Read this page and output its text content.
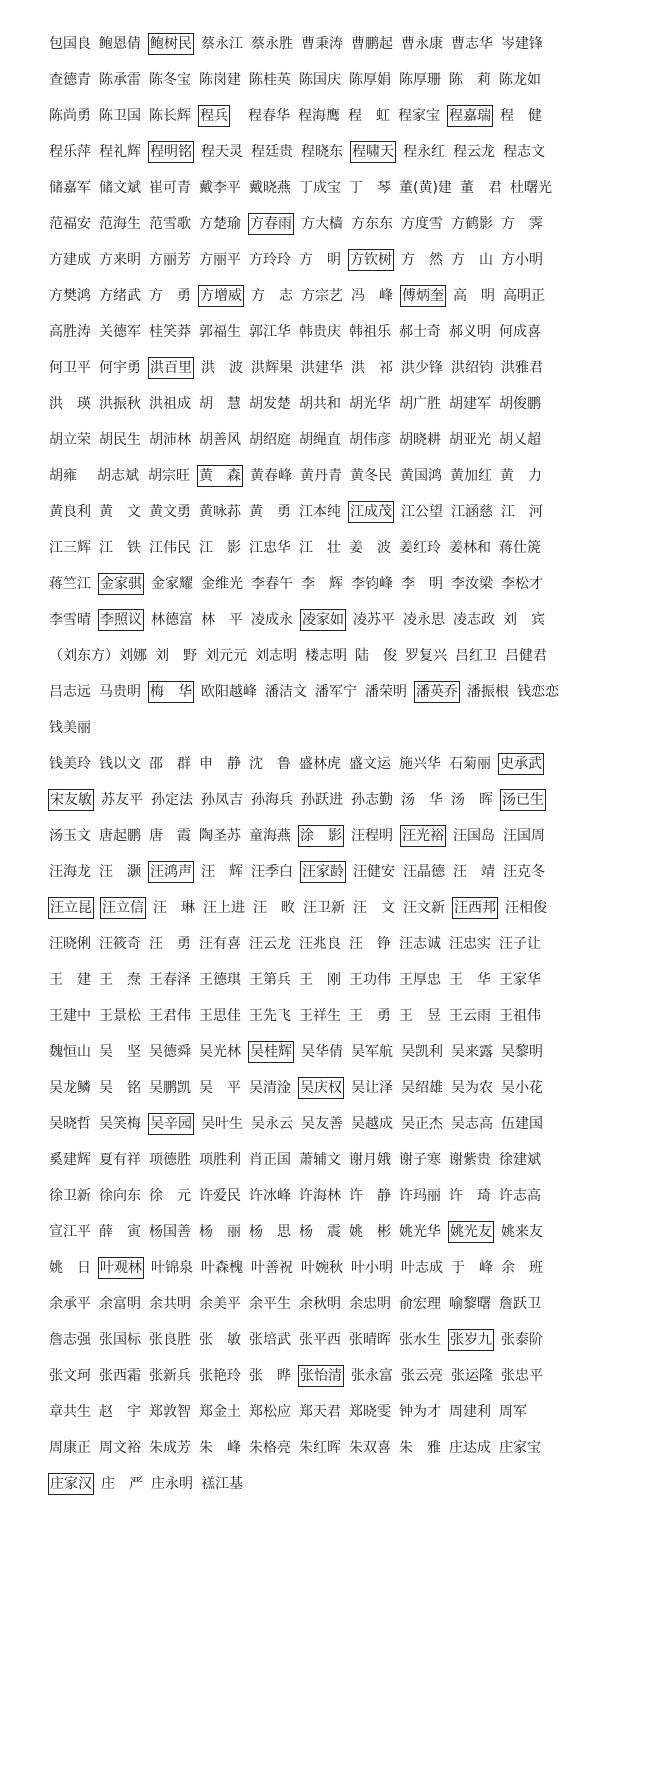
包国良 鲍恩倩 鲍树民 蔡永江 蔡永胜 曹秉涛 曹鹏起 曹永康 曹志华 岑建锋
查德青 陈承雷 陈冬宝 陈岗建 陈桂英 陈国庆 陈厚娟 陈厚珊 陈　莉 陈龙如
陈尚勇 陈卫国 陈长辉 程兵 程春华 程海鹰 程　虹 程家宝 程嘉瑞 程　健
程乐萍 程礼辉 程明铭 程天灵 程廷贵 程晓东 程啸天 程永红 程云龙 程志文
储嘉军 储文斌 崔可青 戴李平 戴晓燕 丁成宝 丁　琴 董(黄)建 董　君 杜曙光
范福安 范海生 范雪歌 方楚瑜 方春雨 方大樯 方东东 方度雪 方鹤影 方　霁
方建成 方来明 方丽芳 方丽平 方玲玲 方　明 方钦树 方　然 方　山 方小明
方樊鸿 方绪武 方　勇 方增威 方　志 方宗艺 冯　峰 傅炳奎 高　明 高明正
高胜涛 关德军 桂笑莽 郭福生 郭江华 韩贵庆 韩祖乐 郝士奇 郝义明 何成喜
何卫平 何宇勇 洪百里 洪　波 洪辉果 洪建华 洪　祁 洪少锋 洪绍钧 洪雅君
洪　瑛 洪振秋 洪祖成 胡　慧 胡发楚 胡共和 胡光华 胡广胜 胡建军 胡俊鹏
胡立荣 胡民生 胡沛林 胡善风 胡绍庭 胡绳直 胡伟彦 胡晓耕 胡亚光 胡乂超
胡雍 胡志斌 胡宗旺 黄　森 黄春峰 黄丹青 黄冬民 黄国鸿 黄加红 黄　力
黄良利 黄　文 黄文勇 黄咏荪 黄　勇 江本纯 江成茂 江公望 江涵慈 江　河
江三辉 江　铁 江伟民 江　影 江忠华 江　壮 姜　波 姜红玲 姜林和 蒋仕箎
蒋竺江 金家骐 金家耀 金维光 李春午 李　辉 李钧峰 李　明 李汝梁 李松才
李雪晴 李照议 林德富 林　平 凌成永 凌家如 凌苏平 凌永思 凌志政 刘　宾
（刘东方）刘娜 刘　野 刘元元 刘志明 楼志明 陆　俊 罗复兴 吕红卫 吕健君
吕志远 马贵明 梅　华 欧阳越峰 潘洁文 潘军宁 潘荣明 潘英乔 潘振根 钱恋恋
钱美丽
钱美玲 钱以文 邵　群 申　静 沈　鲁 盛林虎 盛文运 施兴华 石菊丽 史承武
宋友敏 苏友平 孙定法 孙凤吉 孙海兵 孙跃进 孙志勤 汤　华 汤　晖 汤已生
汤玉文 唐起鹏 唐　霞 陶圣苏 童海燕 涂　影 汪程明 汪光裕 汪国岛 汪国周
汪海龙 汪　灏 汪鸿声 汪　辉 汪季白 汪家龄 汪健安 汪晶德 汪　靖 汪克冬
汪立昆 汪立信 汪　琳 汪上进 汪　畋 汪卫新 汪　文 汪文新 汪西邦 汪相俊
汪晓俐 汪筱奇 汪　勇 汪有喜 汪云龙 汪兆良 汪　铮 汪志诚 汪忠实 汪子让
王　建 王　焘 王春泽 王德琪 王第兵 王　刚 王功伟 王厚忠 王　华 王家华
王建中 王景松 王君伟 王思佳 王先飞 王祥生 王　勇 王　昱 王云雨 王祖伟
魏恒山 吴　坚 吴德舜 吴光林 吴桂辉 吴华倩 吴军航 吴凯利 吴来露 吴黎明
吴龙鳞 吴　铭 吴鹏凯 吴　平 吴清淦 吴庆权 吴让泽 吴绍雄 吴为农 吴小花
吴晓哲 吴笑梅 吴辛园 吴叶生 吴永云 吴友善 吴越成 吴正杰 吴志高 伍建国
奚建辉 夏有祥 项德胜 项胜利 肖正国 萧辅文 谢月娥 谢子寒 谢紫贵 徐建斌
徐卫新 徐向东 徐　元 许爱民 许冰峰 许海林 许　静 许玛丽 许　琦 许志高
宣江平 薛　寅 杨国善 杨　丽 杨　思 杨　震 姚　彬 姚光华 姚光友 姚来友
姚　日 叶观林 叶锦泉 叶森槐 叶善祝 叶婉秋 叶小明 叶志成 于　峰 余　班
余承平 余富明 余共明 余美平 余平生 余秋明 余忠明 俞宏理 喻黎曙 詹跃卫
詹志强 张国标 张良胜 张　敏 张培武 张平西 张晴晖 张水生 张岁九 张泰阶
张文珂 张西霜 张新兵 张艳玲 张　晔 张怡清 张永富 张云亮 张运隆 张忠平
章共生 赵　宇 郑敦智 郑金土 郑松应 郑天君 郑晓雯 钟为才 周建利 周军
周康正 周文裕 朱成芳 朱　峰 朱格亮 朱红晖 朱双喜 朱　雅 庄达成 庄家宝
庄家汉 庄　严 庄永明 禚江基
